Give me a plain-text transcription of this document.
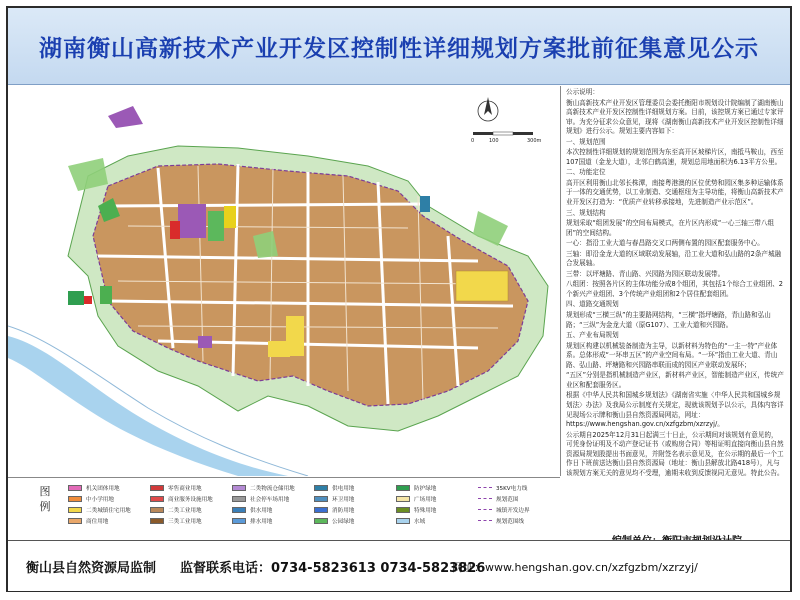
湖南衡山高新技术产业开发区控制性详细规划方案批前征集意见公示
0	100	300m

公示说明：

衡山高新技术产业开发区管理委员会委托衡阳市规划设计院编制了湖南衡山高新技术产业开发区控制性详细规划方案。目前，该控规方案已通过专家评审。为充分征求公众意见，现将《湖南衡山高新技术产业开发区控制性详细规划》进行公示。规划主要内容如下：

一、规划范围

本次控制性详细规划的规划范围为东至高开区坡梯片区，南抵马鞍山，西至107国道（金龙大道），北邻白鹤高速，规划总用地面积为6.13平方公里。

二、功能定位

高开区利用衡山北邻长株潭，南接粤港澳的区位优势和园区集多种运输体系于一体的交通优势，以工业制造、交通枢纽为主导功能，将衡山高新技术产业开发区打造为：“优质产业转移承接地，先进制造产业示范区”。

三、规划结构

规划采取“组团发展”的空间布局模式，在片区内形成“一心三轴三带八组团”的空间结构。

一心：指沿工业大道与春昌路交叉口两侧布置的园区配套服务中心。

三轴：即沿金龙大道的区域联动发展轴，沿工业大道和弘山路的2条产城融合发展轴。

三带：以坪塘路、青山路、兴园路为园区联动发展带。

八组团：按照各片区的主体功能分成8个组团，其包括1个综合工业组团、2个新兴产业组团、3个传统产业组团和2个居住配套组团。

四、道路交通规划

规划形成“三横三纵”的主要路网结构，“三横”指坪塘路，青山路和弘山路；“三纵”为金龙大道（原G107）、工业大道和兴园路。

五、产业布局规划

规划区构建以机械装备制造为主导，以新材料为特色的“一主一特”产业体系。总体形成“一环串五区”的产业空间布局。“一环”指由工业大道、青山路、弘山路、坪塘路和兴园路串联而成的园区产业联动发展环；

“五区”分别是指机械制造产业区，新材料产业区，智能制造产业区，传统产业区和配套服务区。

根据《中华人民共和国城乡规划法》《湖南省实施〈中华人民共和国城乡规划法〉办法》及我局公示制度有关规定，现就该规划予以公示，具体内容详见现场公示牌和衡山县自然资源局网站，网址：https://www.hengshan.gov.cn/xzfgzbm/xzrzyj/。

公示期自2025年12月31日起满三十日止，公示期间对该规划有意见的，可凭身份证明及不动产登记证书（或购房合同）等相证明直接向衡山县自然资源局规划股提出书面意见，并附签名表示意见及，在公示期的最后一个工作日下班前送达衡山县自然资源局（地址：衡山县解放北路418号），凡与该规划方案无关的意见均不受理，逾期未收到反馈视同无意见。特此公告。

图例
机关团体用地	零售商业用地	二类物流仓储用地	供电用地	防护绿地	35KV电力线
中小学用地	商业服务设施用地	社会停车场用地	环卫用地	广场用地	规划范围
二类城镇住宅用地	二类工业用地	供水用地	消防用地	特殊用地	城镇开发边界
商住用地	三类工业用地	排水用地	公园绿地	水域	规划范围线
衡山县自然资源局监制 监督联系电话：0734-5823613 0734-5823826
网址：www.hengshan.gov.cn/xzfgzbm/xzrzyj/
